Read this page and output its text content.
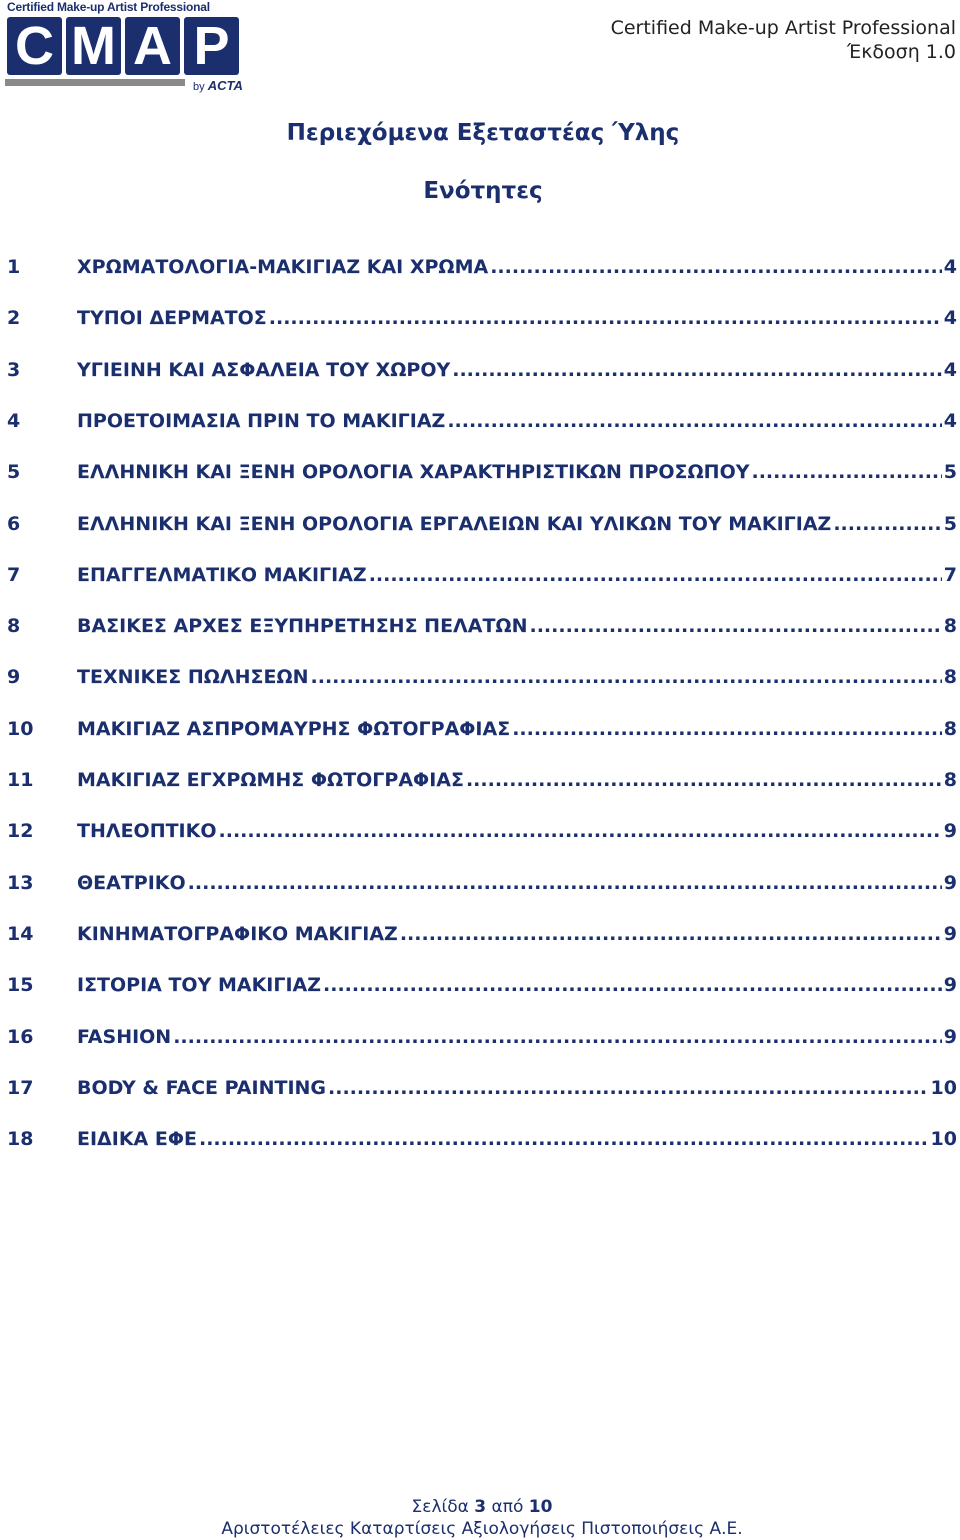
Certified Make-up Artist Professional
C M A P
by ACTA
Certified Make-up Artist Professional
Έκδοση 1.0
Περιεχόμενα Εξεταστέας Ύλης
Ενότητες
1	ΧΡΩΜΑΤΟΛΟΓΙΑ-ΜΑΚΙΓΙΑΖ ΚΑΙ ΧΡΩΜΑ .....	4
2	ΤΥΠΟΙ ΔΕΡΜΑΤΟΣ .....	4
3	ΥΓΙΕΙΝΗ ΚΑΙ ΑΣΦΑΛΕΙΑ ΤΟΥ ΧΩΡΟΥ .....	4
4	ΠΡΟΕΤΟΙΜΑΣΙΑ ΠΡΙΝ ΤΟ ΜΑΚΙΓΙΑΖ .....	4
5	ΕΛΛΗΝΙΚΗ ΚΑΙ ΞΕΝΗ ΟΡΟΛΟΓΙΑ ΧΑΡΑΚΤΗΡΙΣΤΙΚΩΝ ΠΡΟΣΩΠΟΥ .....	5
6	ΕΛΛΗΝΙΚΗ ΚΑΙ ΞΕΝΗ ΟΡΟΛΟΓΙΑ ΕΡΓΑΛΕΙΩΝ ΚΑΙ ΥΛΙΚΩΝ ΤΟΥ ΜΑΚΙΓΙΑΖ .....	5
7	ΕΠΑΓΓΕΛΜΑΤΙΚΟ ΜΑΚΙΓΙΑΖ .....	7
8	ΒΑΣΙΚΕΣ ΑΡΧΕΣ ΕΞΥΠΗΡΕΤΗΣΗΣ ΠΕΛΑΤΩΝ .....	8
9	ΤΕΧΝΙΚΕΣ ΠΩΛΗΣΕΩΝ .....	8
10 ΜΑΚΙΓΙΑΖ ΑΣΠΡΟΜΑΥΡΗΣ ΦΩΤΟΓΡΑΦΙΑΣ .....	8
11 ΜΑΚΙΓΙΑΖ ΕΓΧΡΩΜΗΣ ΦΩΤΟΓΡΑΦΙΑΣ .....	8
12 ΤΗΛΕΟΠΤΙΚΟ .....	9
13 ΘΕΑΤΡΙΚΟ .....	9
14 ΚΙΝΗΜΑΤΟΓΡΑΦΙΚΟ ΜΑΚΙΓΙΑΖ .....	9
15 ΙΣΤΟΡΙΑ ΤΟΥ ΜΑΚΙΓΙΑΖ .....	9
16 FASHION .....	9
17 BODY & FACE PAINTING .....	10
18 ΕΙΔΙΚΑ ΕΦΕ .....	10
Σελίδα 3 από 10
Αριστοτέλειες Καταρτίσεις Αξιολογήσεις Πιστοποιήσεις Α.Ε.
